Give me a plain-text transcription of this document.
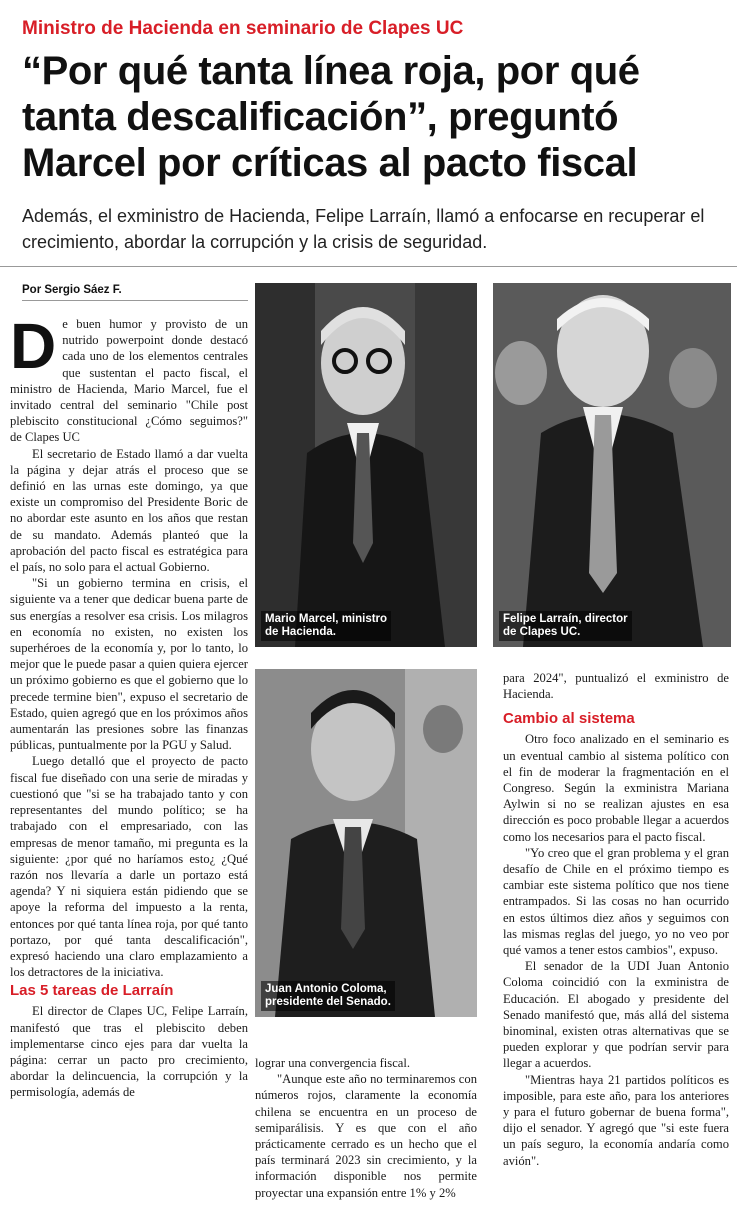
Ministro de Hacienda en seminario de Clapes UC
“Por qué tanta línea roja, por qué tanta descalificación”, preguntó Marcel por críticas al pacto fiscal
Además, el exministro de Hacienda, Felipe Larraín, llamó a enfocarse en recuperar el crecimiento, abordar la corrupción y la crisis de seguridad.
Por Sergio Sáez F.
D e buen humor y provisto de un nutrido powerpoint donde destacó cada uno de los elementos centrales que sustentan el pacto fiscal, el ministro de Hacienda, Mario Marcel, fue el invitado central del seminario "Chile post plebiscito constitucional ¿Cómo seguimos?" de Clapes UC

El secretario de Estado llamó a dar vuelta la página y dejar atrás el proceso que se definió en las urnas este domingo, ya que existe un compromiso del Presidente Boric de no abordar este asunto en los años que restan de su mandato. Además planteó que la aprobación del pacto fiscal es estratégica para el país, no solo para el actual Gobierno.

"Si un gobierno termina en crisis, el siguiente va a tener que dedicar buena parte de sus energías a resolver esa crisis. Los milagros en economía no existen, no existen los superhéroes de la economía y, por lo tanto, lo mejor que le puede pasar a quien quiera ejercer un próximo gobierno es que el gobierno que lo precede termine bien", expuso el secretario de Estado, quien agregó que en los próximos años aumentarán las presiones sobre las finanzas públicas, puntualmente por la PGU y Salud.

Luego detalló que el proyecto de pacto fiscal fue diseñado con una serie de miradas y cuestionó que "si se ha trabajado tanto y con representantes del mundo político; se ha trabajado con el empresariado, con las empresas de menor tamaño, mi pregunta es la siguiente: ¿por qué no haríamos esto¿ ¿Qué razón nos llevaría a darle un portazo está agenda? Y ni siquiera están pidiendo que se apoye la reforma del impuesto a la renta, entonces por qué tanta línea roja, por qué tanto portazo, por qué tanta descalificación", expresó haciendo una claro emplazamiento a los detractores de la iniciativa.

Las 5 tareas de Larraín

El director de Clapes UC, Felipe Larraín, manifestó que tras el plebiscito deben implementarse cinco ejes para dar vuelta la página: cerrar un pacto pro crecimiento, abordar la delincuencia, la corrupción y la permisología, además de

Mario Marcel, ministro
de Hacienda.
Felipe Larraín, director
de Clapes UC.
Juan Antonio Coloma,
presidente del Senado.

lograr una convergencia fiscal.

"Aunque este año no terminaremos con números rojos, claramente la economía chilena se encuentra en un proceso de semiparálisis. Y es que con el año prácticamente cerrado es un hecho que el país terminará 2023 sin crecimiento, y la información disponible nos permite proyectar una expansión entre 1% y 2%

para 2024", puntualizó el exministro de Hacienda.

Cambio al sistema

Otro foco analizado en el seminario es un eventual cambio al sistema político con el fin de moderar la fragmentación en el Congreso. Según la exministra Mariana Aylwin si no se realizan ajustes en esa dirección es poco probable llegar a acuerdos como los necesarios para el pacto fiscal.

"Yo creo que el gran problema y el gran desafío de Chile en el próximo tiempo es cambiar este sistema político que nos tiene entrampados. Si las cosas no han ocurrido en estos últimos diez años y seguimos con las mismas reglas del juego, yo no veo por qué vamos a tener estos cambios", expuso.

El senador de la UDI Juan Antonio Coloma coincidió con la exministra de Educación. El abogado y presidente del Senado manifestó que, más allá del sistema binominal, existen otras alternativas que se pueden explorar y que podrían servir para llegar a acuerdos.

"Mientras haya 21 partidos políticos es imposible, para este año, para los anteriores y para el futuro gobernar de buena forma", dijo el senador. Y agregó que "si este fuera un país seguro, la economía andaría como avión".
